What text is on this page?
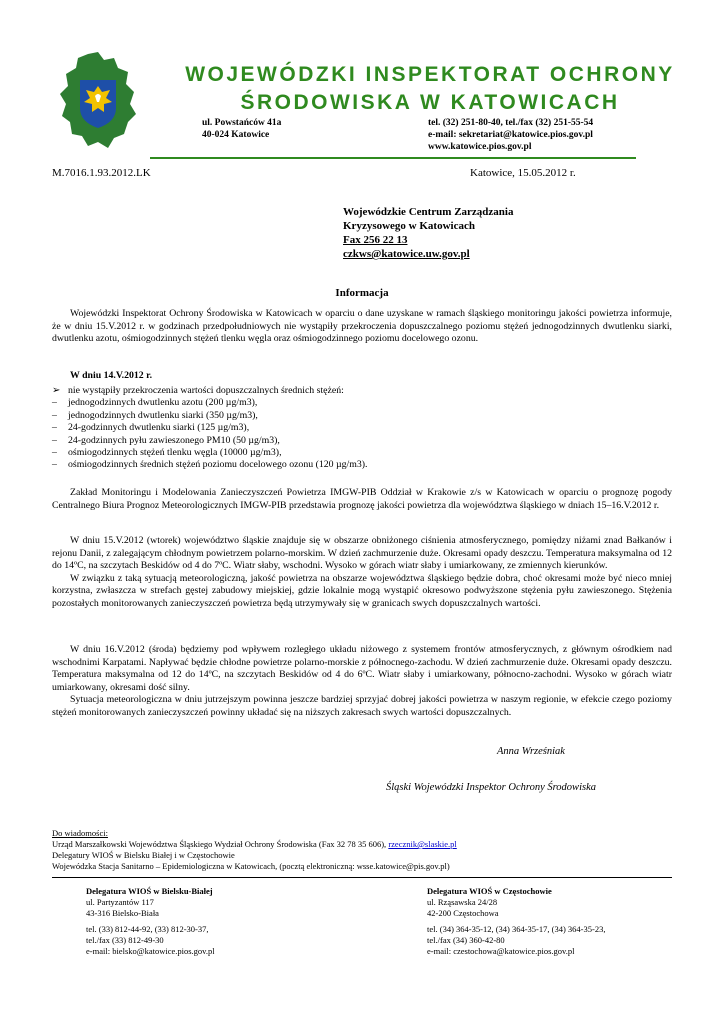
WOJEWÓDZKI INSPEKTORAT OCHRONY
ŚRODOWISKA W KATOWICACH
ul. Powstańców 41a
40-024 Katowice
tel. (32) 251-80-40, tel./fax (32) 251-55-54
e-mail: sekretariat@katowice.pios.gov.pl
www.katowice.pios.gov.pl
M.7016.1.93.2012.LK	Katowice, 15.05.2012 r.
Wojewódzkie Centrum Zarządzania
Kryzysowego w Katowicach
Fax 256 22 13
czkws@katowice.uw.gov.pl
Informacja
Wojewódzki Inspektorat Ochrony Środowiska w Katowicach w oparciu o dane uzyskane w ramach śląskiego monitoringu jakości powietrza informuje, że w dniu 15.V.2012 r. w godzinach przedpołudniowych nie wystąpiły przekroczenia dopuszczalnego poziomu stężeń jednogodzinnych dwutlenku siarki, dwutlenku azotu, ośmiogodzinnych stężeń tlenku węgla oraz ośmiogodzinnego poziomu docelowego ozonu.
W dniu 14.V.2012 r.
➢ nie wystąpiły przekroczenia wartości dopuszczalnych średnich stężeń:
–	jednogodzinnych dwutlenku azotu (200 µg/m3),
–	jednogodzinnych dwutlenku siarki (350 µg/m3),
–	24-godzinnych dwutlenku siarki (125 µg/m3),
–	24-godzinnych pyłu zawieszonego PM10 (50 µg/m3),
–	ośmiogodzinnych stężeń tlenku węgla (10000 µg/m3),
–	ośmiogodzinnych średnich stężeń poziomu docelowego ozonu (120 µg/m3).
Zakład Monitoringu i Modelowania Zanieczyszczeń Powietrza IMGW-PIB Oddział w Krakowie z/s w Katowicach w oparciu o prognozę pogody Centralnego Biura Prognoz Meteorologicznych IMGW-PIB przedstawia prognozę jakości powietrza dla województwa śląskiego w dniach 15–16.V.2012 r.
W dniu 15.V.2012 (wtorek) województwo śląskie znajduje się w obszarze obniżonego ciśnienia atmosferycznego, pomiędzy niżami znad Bałkanów i rejonu Danii, z zalegającym chłodnym powietrzem polarno-morskim. W dzień zachmurzenie duże. Okresami opady deszczu. Temperatura maksymalna od 12 do 14ºC, na szczytach Beskidów od 4 do 7ºC. Wiatr słaby, wschodni. Wysoko w górach wiatr słaby i umiarkowany, ze zmiennych kierunków.
W związku z taką sytuacją meteorologiczną, jakość powietrza na obszarze województwa śląskiego będzie dobra, choć okresami może być nieco mniej korzystna, zwłaszcza w strefach gęstej zabudowy miejskiej, gdzie lokalnie mogą wystąpić okresowo podwyższone stężenia pyłu zawieszonego. Stężenia pozostałych monitorowanych zanieczyszczeń powietrza będą utrzymywały się w granicach swych dopuszczalnych wartości.
W dniu 16.V.2012 (środa) będziemy pod wpływem rozległego układu niżowego z systemem frontów atmosferycznych, z głównym ośrodkiem nad wschodnimi Karpatami. Napływać będzie chłodne powietrze polarno-morskie z północnego-zachodu. W dzień zachmurzenie duże. Okresami opady deszczu. Temperatura maksymalna od 12 do 14ºC, na szczytach Beskidów od 4 do 6ºC. Wiatr słaby i umiarkowany, północno-zachodni. Wysoko w górach wiatr umiarkowany, okresami dość silny.
Sytuacja meteorologiczna w dniu jutrzejszym powinna jeszcze bardziej sprzyjać dobrej jakości powietrza w naszym regionie, w efekcie czego poziomy stężeń monitorowanych zanieczyszczeń powinny układać się na niższych zakresach swych wartości dopuszczalnych.
Anna Wrześniak
Śląski Wojewódzki Inspektor Ochrony Środowiska
Do wiadomości:
Urząd Marszałkowski Województwa Śląskiego Wydział Ochrony Środowiska (Fax 32 78 35 606), rzecznik@slaskie.pl
Delegatury WIOŚ w Bielsku Białej i w Częstochowie
Wojewódzka Stacja Sanitarno – Epidemiologiczna w Katowicach, (pocztą elektroniczną: wsse.katowice@pis.gov.pl)
Delegatura WIOŚ w Bielsku-Białej
ul. Partyzantów 117
43-316 Bielsko-Biała
tel. (33) 812-44-92, (33) 812-30-37,
tel./fax (33) 812-49-30
e-mail: bielsko@katowice.pios.gov.pl
Delegatura WIOŚ w Częstochowie
ul. Rząsawska 24/28
42-200 Częstochowa
tel. (34) 364-35-12, (34) 364-35-17, (34) 364-35-23,
tel./fax (34) 360-42-80
e-mail: czestochowa@katowice.pios.gov.pl
